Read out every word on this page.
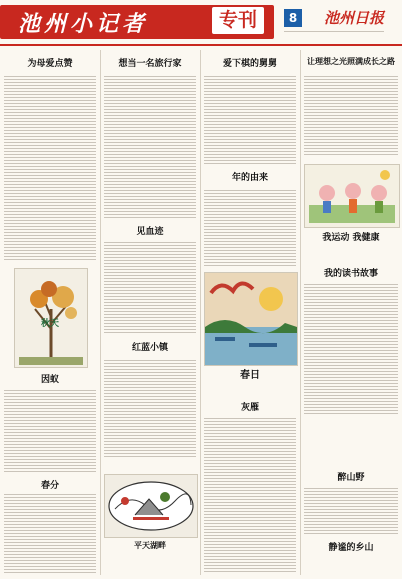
池州小记者	专刊	8	池州日报
为母爱点赞
秋天
因蚁
春分
想当一名旅行家
见血迹
红蓝小镇
平天湖畔
爱下棋的舅舅
年的由来
春日
灰雁
让理想之光照满成长之路
我运动 我健康
我的读书故事
醉山野
静谧的乡山
